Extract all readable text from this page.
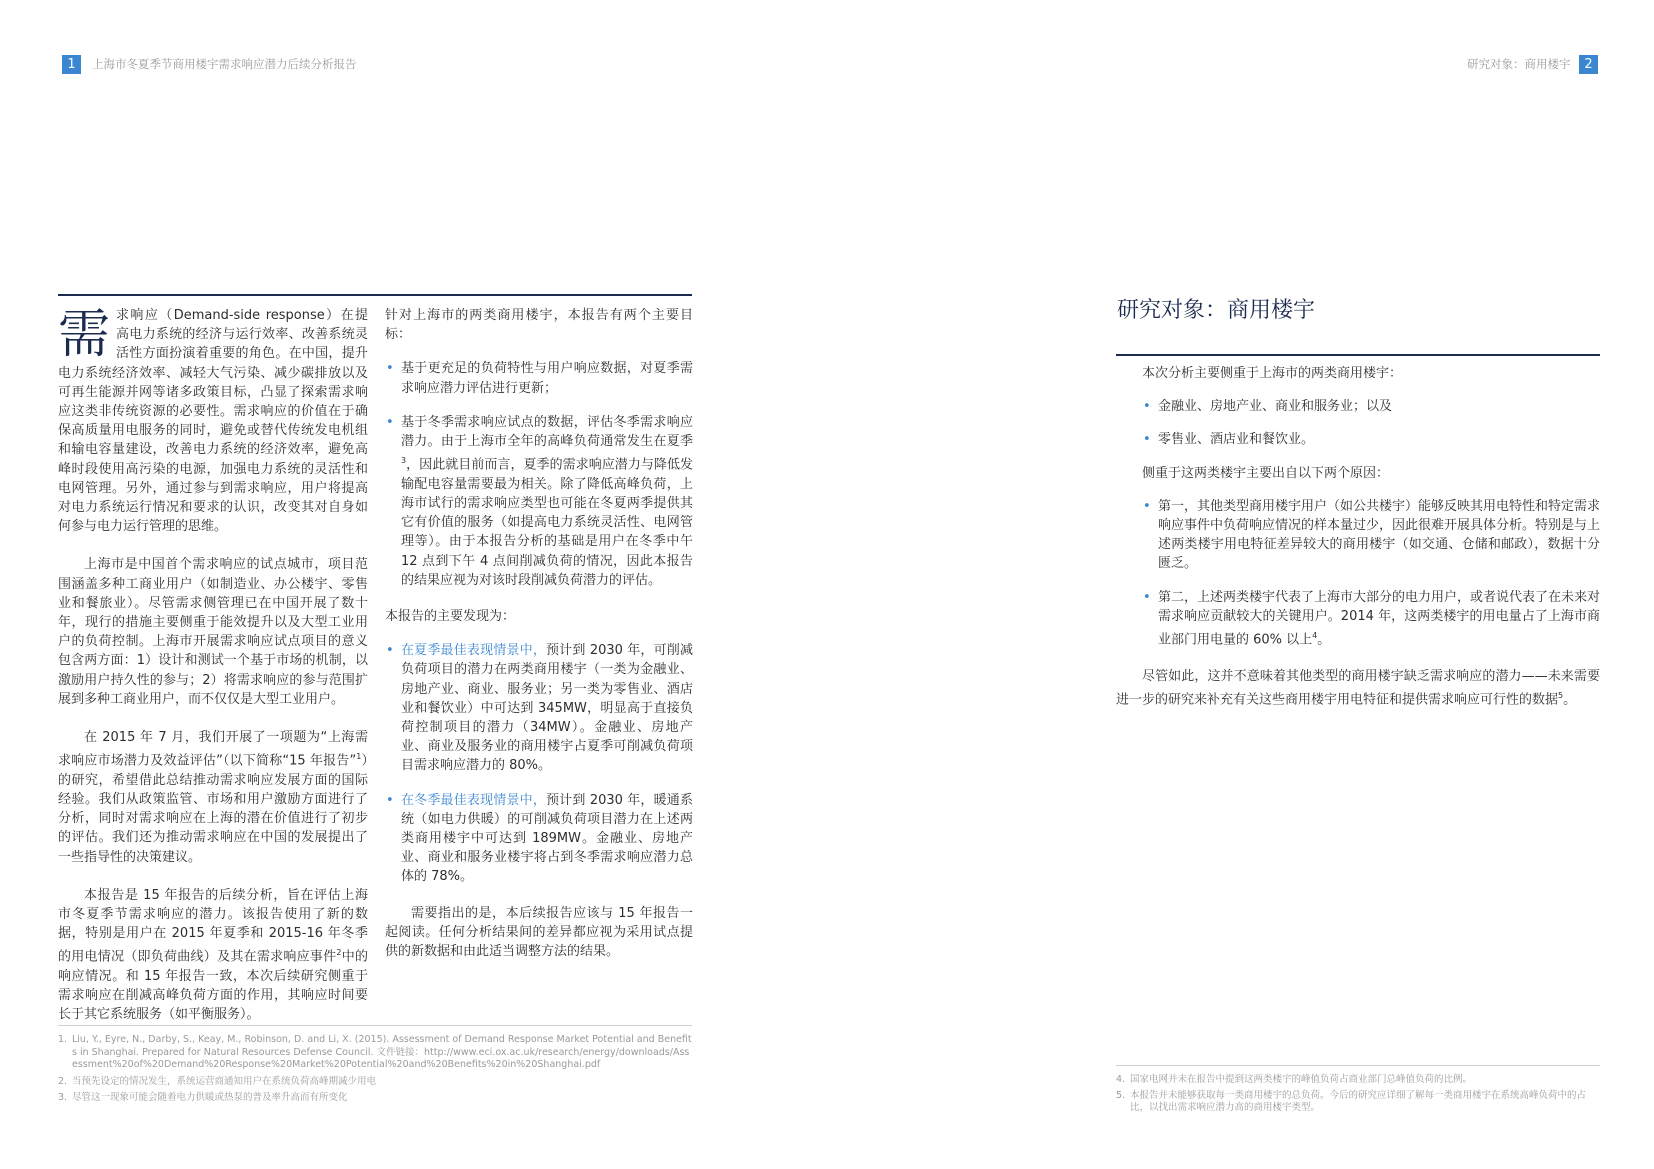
1	上海市冬夏季节商用楼宇需求响应潜力后续分析报告	研究对象：商用楼宇	2

需求响应（Demand-side response）在提高电力系统的经济与运行效率、改善系统灵活性方面扮演着重要的角色。在中国，提升电力系统经济效率、减轻大气污染、减少碳排放以及可再生能源并网等诸多政策目标，凸显了探索需求响应这类非传统资源的必要性。需求响应的价值在于确保高质量用电服务的同时，避免或替代传统发电机组和输电容量建设，改善电力系统的经济效率，避免高峰时段使用高污染的电源，加强电力系统的灵活性和电网管理。另外，通过参与到需求响应，用户将提高对电力系统运行情况和要求的认识，改变其对自身如何参与电力运行管理的思维。

上海市是中国首个需求响应的试点城市，项目范围涵盖多种工商业用户（如制造业、办公楼宇、零售业和餐旅业）。尽管需求侧管理已在中国开展了数十年，现行的措施主要侧重于能效提升以及大型工业用户的负荷控制。上海市开展需求响应试点项目的意义包含两方面：1）设计和测试一个基于市场的机制，以激励用户持久性的参与；2）将需求响应的参与范围扩展到多种工商业用户，而不仅仅是大型工业用户。

在 2015 年 7 月，我们开展了一项题为“上海需求响应市场潜力及效益评估”（以下简称“15 年报告”$^1$）的研究，希望借此总结推动需求响应发展方面的国际经验。我们从政策监管、市场和用户激励方面进行了分析，同时对需求响应在上海的潜在价值进行了初步的评估。我们还为推动需求响应在中国的发展提出了一些指导性的决策建议。

本报告是 15 年报告的后续分析，旨在评估上海市冬夏季节需求响应的潜力。该报告使用了新的数据，特别是用户在 2015 年夏季和 2015-16 年冬季的用电情况（即负荷曲线）及其在需求响应事件$^2$中的响应情况。和 15 年报告一致，本次后续研究侧重于需求响应在削减高峰负荷方面的作用，其响应时间要长于其它系统服务（如平衡服务）。

针对上海市的两类商用楼宇，本报告有两个主要目标：

• 基于更充足的负荷特性与用户响应数据，对夏季需求响应潜力评估进行更新；
• 基于冬季需求响应试点的数据，评估冬季需求响应潜力。由于上海市全年的高峰负荷通常发生在夏季$^3$，因此就目前而言，夏季的需求响应潜力与降低发输配电容量需要最为相关。除了降低高峰负荷，上海市试行的需求响应类型也可能在冬夏两季提供其它有价值的服务（如提高电力系统灵活性、电网管理等）。由于本报告分析的基础是用户在冬季中午 12 点到下午 4 点间削减负荷的情况，因此本报告的结果应视为对该时段削减负荷潜力的评估。

本报告的主要发现为：

• 在夏季最佳表现情景中，预计到 2030 年，可削减负荷项目的潜力在两类商用楼宇（一类为金融业、房地产业、商业、服务业；另一类为零售业、酒店业和餐饮业）中可达到 345MW，明显高于直接负荷控制项目的潜力（34MW）。金融业、房地产业、商业及服务业的商用楼宇占夏季可削减负荷项目需求响应潜力的 80%。
• 在冬季最佳表现情景中，预计到 2030 年，暖通系统（如电力供暖）的可削减负荷项目潜力在上述两类商用楼宇中可达到 189MW。金融业、房地产业、商业和服务业楼宇将占到冬季需求响应潜力总体的 78%。

需要指出的是，本后续报告应该与 15 年报告一起阅读。任何分析结果间的差异都应视为采用试点提供的新数据和由此适当调整方法的结果。

研究对象：商用楼宇

本次分析主要侧重于上海市的两类商用楼宇：

• 金融业、房地产业、商业和服务业；以及
• 零售业、酒店业和餐饮业。

侧重于这两类楼宇主要出自以下两个原因：

• 第一，其他类型商用楼宇用户（如公共楼宇）能够反映其用电特性和特定需求响应事件中负荷响应情况的样本量过少，因此很难开展具体分析。特别是与上述两类楼宇用电特征差异较大的商用楼宇（如交通、仓储和邮政），数据十分匮乏。
• 第二，上述两类楼宇代表了上海市大部分的电力用户，或者说代表了在未来对需求响应贡献较大的关键用户。2014 年，这两类楼宇的用电量占了上海市商业部门用电量的 60% 以上$^4$。

尽管如此，这并不意味着其他类型的商用楼宇缺乏需求响应的潜力——未来需要进一步的研究来补充有关这些商用楼宇用电特征和提供需求响应可行性的数据$^5$。

1. Liu, Y., Eyre, N., Darby, S., Keay, M., Robinson, D. and Li, X. (2015). Assessment of Demand Response Market Potential and Benefits in Shanghai. Prepared for Natural Resources Defense Council. 文件链接：http://www.eci.ox.ac.uk/research/energy/downloads/Assessment%20of%20Demand%20Response%20Market%20Potential%20and%20Benefits%20in%20Shanghai.pdf
2. 当预先设定的情况发生，系统运营商通知用户在系统负荷高峰期减少用电
3. 尽管这一现象可能会随着电力供暖或热泵的普及率升高而有所变化
4. 国家电网并未在报告中提到这两类楼宇的峰值负荷占商业部门总峰值负荷的比例。
5. 本报告并未能够获取每一类商用楼宇的总负荷。今后的研究应详细了解每一类商用楼宇在系统高峰负荷中的占比，以找出需求响应潜力高的商用楼宇类型。
